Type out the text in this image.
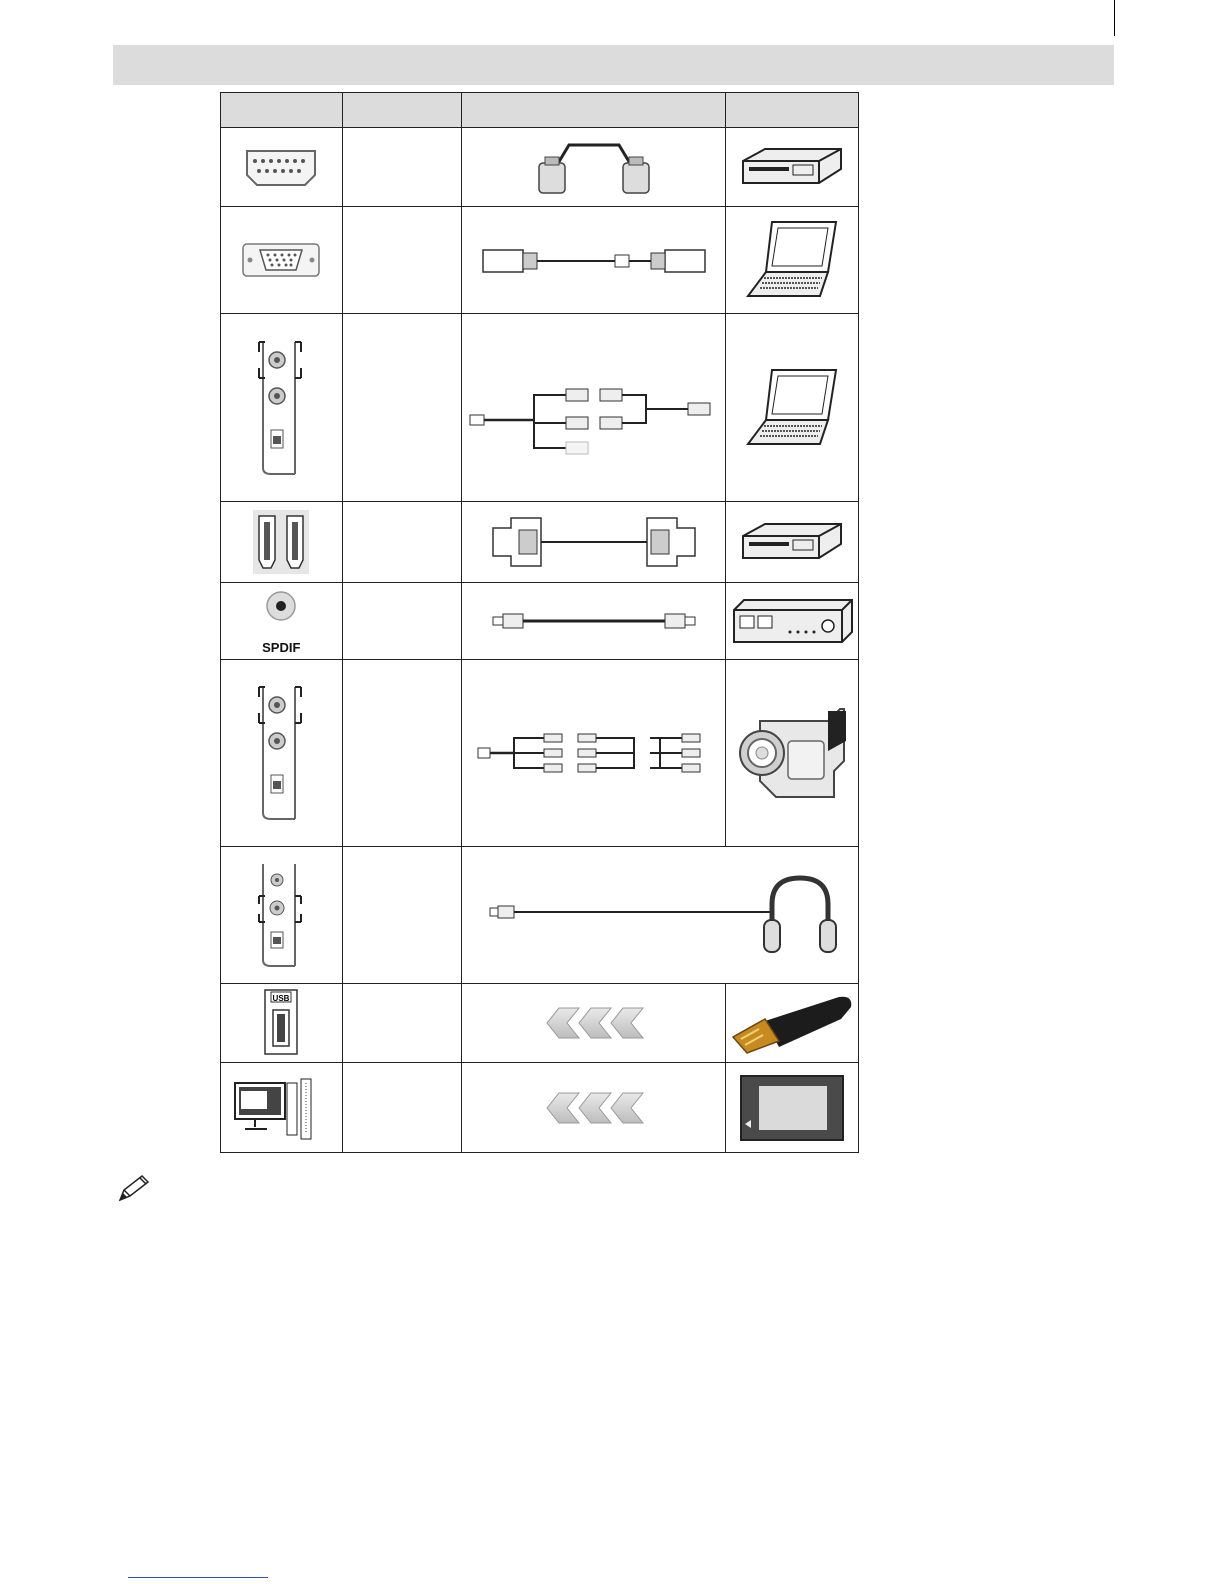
SPDIF

USB
